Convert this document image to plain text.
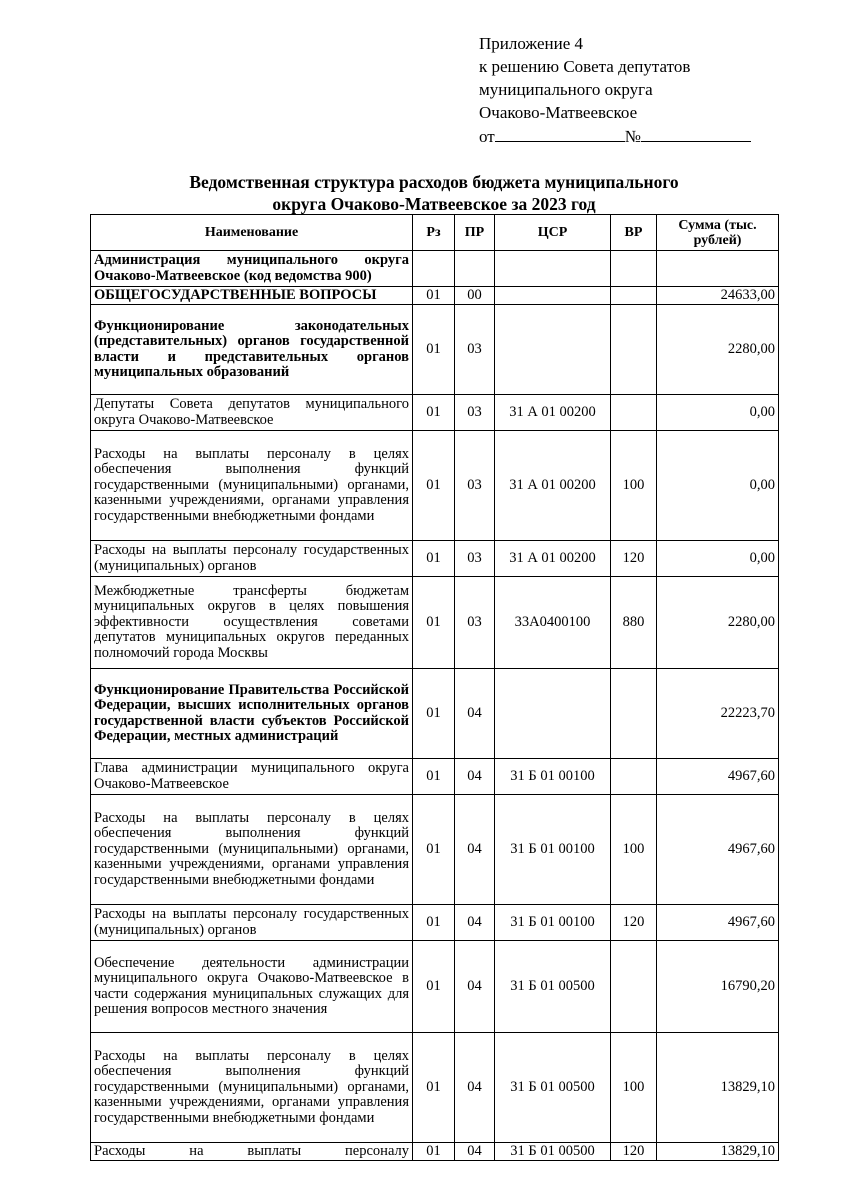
Приложение 4
к решению Совета депутатов
муниципального округа
Очаково-Матвеевское
от	№
Ведомственная структура расходов бюджета муниципального
округа Очаково-Матвеевское за 2023 год
Наименование	Рз	ПР	ЦСР	ВР	Сумма (тыс. рублей)
Администрация муниципального округа Очаково-Матвеевское (код ведомства 900)					
ОБЩЕГОСУДАРСТВЕННЫЕ ВОПРОСЫ	01	00			24633,00
Функционирование законодательных (представительных) органов государственной власти и представительных органов муниципальных образований	01	03			2280,00
Депутаты Совета депутатов муниципального округа Очаково-Матвеевское	01	03	31 А 01 00200		0,00
Расходы на выплаты персоналу в целях обеспечения выполнения функций государственными (муниципальными) органами, казенными учреждениями, органами управления государственными внебюджетными фондами	01	03	31 А 01 00200	100	0,00
Расходы на выплаты персоналу государственных (муниципальных) органов	01	03	31 А 01 00200	120	0,00
Межбюджетные трансферты бюджетам муниципальных округов в целях повышения эффективности осуществления советами депутатов муниципальных округов переданных полномочий города Москвы	01	03	33А0400100	880	2280,00
Функционирование Правительства Российской Федерации, высших исполнительных органов государственной власти субъектов Российской Федерации, местных администраций	01	04			22223,70
Глава администрации муниципального округа Очаково-Матвеевское	01	04	31 Б 01 00100		4967,60
Расходы на выплаты персоналу в целях обеспечения выполнения функций государственными (муниципальными) органами, казенными учреждениями, органами управления государственными внебюджетными фондами	01	04	31 Б 01 00100	100	4967,60
Расходы на выплаты персоналу государственных (муниципальных) органов	01	04	31 Б 01 00100	120	4967,60
Обеспечение деятельности администрации муниципального округа Очаково-Матвеевское в части содержания муниципальных служащих для решения вопросов местного значения	01	04	31 Б 01 00500		16790,20
Расходы на выплаты персоналу в целях обеспечения выполнения функций государственными (муниципальными) органами, казенными учреждениями, органами управления государственными внебюджетными фондами	01	04	31 Б 01 00500	100	13829,10
Расходы на выплаты персоналу	01	04	31 Б 01 00500	120	13829,10
